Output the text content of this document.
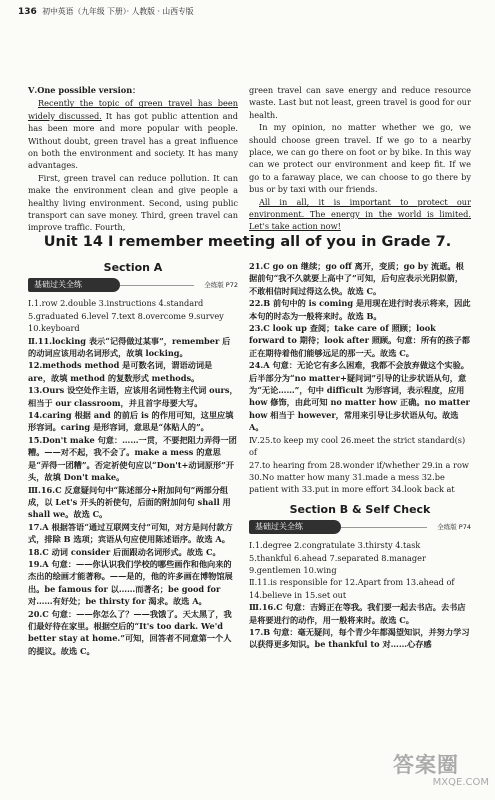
136 初中英语（九年级 下册）· 人教版 · 山西专版
Ⅴ.One possible version：

Recently the topic of green travel has been widely discussed. It has got public attention and has been more and more popular with people. Without doubt, green travel has a great influence on both the environment and society. It has many advantages.
First, green travel can reduce pollution. It can make the environment clean and give people a healthy living environment. Second, using public transport can save money. Third, green travel can improve traffic. Fourth,

green travel can save energy and reduce resource waste. Last but not least, green travel is good for our health.
In my opinion, no matter whether we go, we should choose green travel. If we go to a nearby place, we can go there on foot or by bike. In this way can we protect our environment and keep fit. If we go to a faraway place, we can choose to go there by bus or by taxi with our friends.
All in all, it is important to protect our environment. The energy in the world is limited. Let's take action now!

Unit 14 I remember meeting all of you in Grade 7.
Section A
基础过关全练	全练版 P72

Ⅰ.1.row 2.double 3.instructions 4.standard

5.graduated 6.level 7.text 8.overcome 9.survey

10.keyboard

Ⅱ.11.locking 表示“记得做过某事”，remember 后的动词应该用动名词形式，故填 locking。

12.methods method 是可数名词，谓语动词是 are，故填 method 的复数形式 methods。

13.Ours 设空处作主语，应该用名词性物主代词 ours，相当于 our classroom，并且首字母要大写。

14.caring 根据 and 的前后 is 的作用可知，这里应填形容词。caring 是形容词，意思是“体贴人的”。

15.Don't make 句意：……一贯，不要把阻力弄得一团糟。——对不起，我不会了。make a mess 的意思是“弄得一团糟”。否定祈使句应以“Don't+动词原形”开头，故填 Don't make。

Ⅲ.16.C 反意疑问句中“陈述部分+附加问句”两部分组成，以 Let's 开头的祈使句，后面的附加问句 shall 用 shall we。故选 C。

17.A 根据答语“通过互联网支付”可知，对方是问付款方式，排除 B 选项；宾语从句应使用陈述语序。故选 A。

18.C 动词 consider 后面跟动名词形式。故选 C。

19.A 句意：——你认识我们学校的哪些画作和他向来的杰出的绘画才能著称。——是的，他的许多画在博物馆展出。be famous for 以……而著名；be good for 对……有好处；be thirsty for 渴求。故选 A。

20.C 句意：——你怎么了？——我饿了。天太黑了，我们最好待在家里。根据空后的“It's too dark. We'd better stay at home.”可知，回答者不同意第一个人的提议。故选 C。

21.C go on 继续；go off 离开，变质；go by 流逝。根据前句“我不久就要上高中了”可知，后句应表示光阴似箭，不敢相信时间过得这么快。故选 C。

22.B 前句中的 is coming 是用现在进行时表示将来，因此本句的时态为一般将来时。故选 B。

23.C look up 查阅；take care of 照顾；look forward to 期待；look after 照顾。句意：所有的孩子都正在期待着他们能够远足的那一天。故选 C。

24.A 句意：无论它有多么困难，我都不会放弃做这个实验。后半部分为“no matter+疑问词”引导的让步状语从句，意为“无论……”，句中 difficult 为形容词，表示程度，应用 how 修饰，由此可知 no matter how 正确。no matter how 相当于 however，常用来引导让步状语从句。故选 A。

Ⅳ.25.to keep my cool 26.meet the strict standard(s) of

27.to hearing from 28.wonder if/whether 29.in a row

30.No matter how many 31.made a mess 32.be patient with 33.put in more effort 34.look back at

Section B & Self Check
基础过关全练	全练版 P74

Ⅰ.1.degree 2.congratulate 3.thirsty 4.task

5.thankful 6.ahead 7.separated 8.manager

9.gentlemen 10.wing

Ⅱ.11.is responsible for 12.Apart from 13.ahead of

14.believe in 15.set out

Ⅲ.16.C 句意：吉姆正在等我。我们要一起去书店。去书店是将要进行的动作，用一般将来时。故选 C。

17.B 句意：毫无疑问，每个青少年都渴望知识，并努力学习以获得更多知识。be thankful to 对……心存感

答案圈
MXQE.COM
